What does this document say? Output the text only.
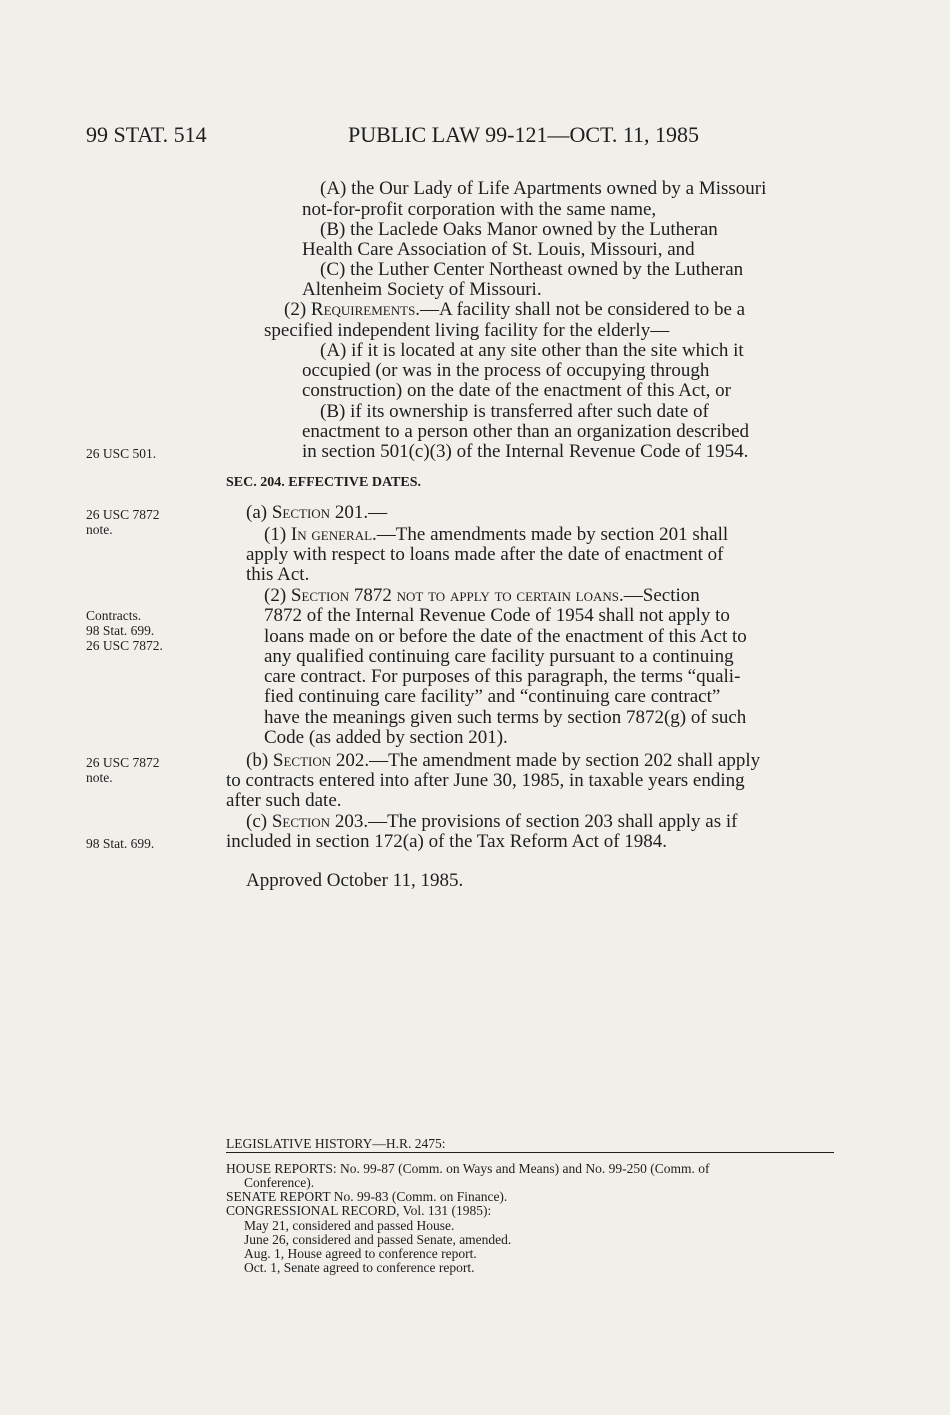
99 STAT. 514	PUBLIC LAW 99-121—OCT. 11, 1985
(A) the Our Lady of Life Apartments owned by a Missouri
not-for-profit corporation with the same name,
(B) the Laclede Oaks Manor owned by the Lutheran
Health Care Association of St. Louis, Missouri, and
(C) the Luther Center Northeast owned by the Lutheran
Altenheim Society of Missouri.
(2) Requirements.—A facility shall not be considered to be a
specified independent living facility for the elderly—
(A) if it is located at any site other than the site which it
occupied (or was in the process of occupying through
construction) on the date of the enactment of this Act, or
(B) if its ownership is transferred after such date of
enactment to a person other than an organization described
in section 501(c)(3) of the Internal Revenue Code of 1954.
26 USC 501.
SEC. 204. EFFECTIVE DATES.
26 USC 7872
note.
(a) Section 201.—
(1) In general.—The amendments made by section 201 shall
apply with respect to loans made after the date of enactment of
this Act.
(2) Section 7872 not to apply to certain loans.—Section
Contracts.
98 Stat. 699.
26 USC 7872.
7872 of the Internal Revenue Code of 1954 shall not apply to
loans made on or before the date of the enactment of this Act to
any qualified continuing care facility pursuant to a continuing
care contract. For purposes of this paragraph, the terms “quali-
fied continuing care facility” and “continuing care contract”
have the meanings given such terms by section 7872(g) of such
Code (as added by section 201).
26 USC 7872
note.
(b) Section 202.—The amendment made by section 202 shall apply
to contracts entered into after June 30, 1985, in taxable years ending
after such date.
(c) Section 203.—The provisions of section 203 shall apply as if
98 Stat. 699.	included in section 172(a) of the Tax Reform Act of 1984.
Approved October 11, 1985.
LEGISLATIVE HISTORY—H.R. 2475:
HOUSE REPORTS: No. 99-87 (Comm. on Ways and Means) and No. 99-250 (Comm. of
Conference).
SENATE REPORT No. 99-83 (Comm. on Finance).
CONGRESSIONAL RECORD, Vol. 131 (1985):
May 21, considered and passed House.
June 26, considered and passed Senate, amended.
Aug. 1, House agreed to conference report.
Oct. 1, Senate agreed to conference report.
